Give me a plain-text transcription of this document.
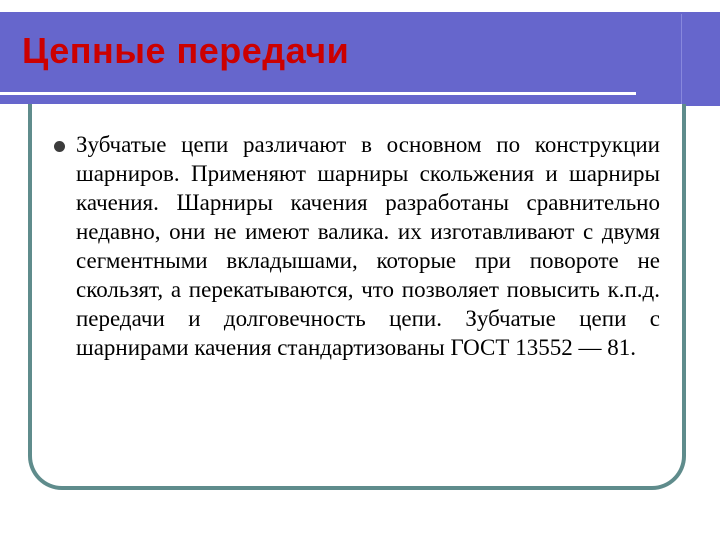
Цепные передачи
Зубчатые цепи различают в основном по конструкции шарниров. Применяют шарниры скольжения и шарниры качения. Шарниры качения разработаны сравнительно недавно, они не имеют валика. их изготавливают с двумя сегментными вкладышами, которые при повороте не скользят, а перекатываются, что позволяет повысить к.п.д. передачи и долговечность цепи. Зубчатые цепи с шарнирами качения стандартизованы ГОСТ 13552 — 81.
